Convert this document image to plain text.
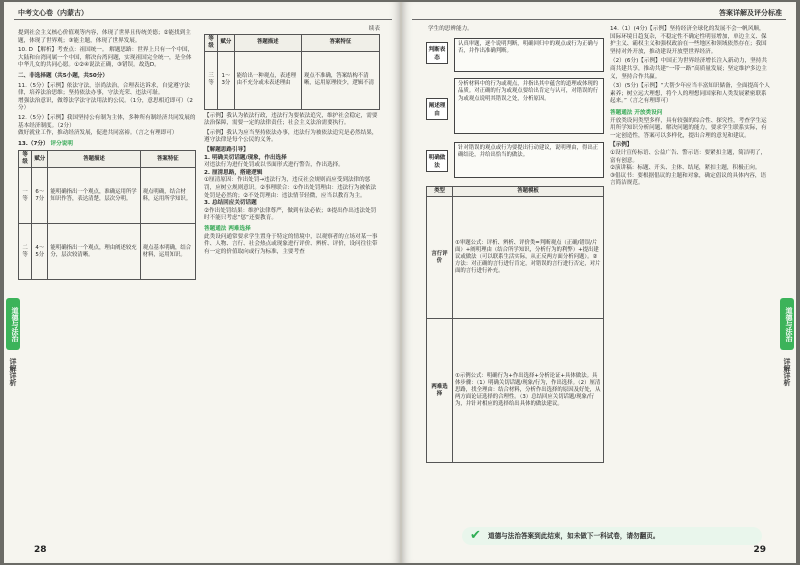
中考文心卷（内蒙古）

提到社会主义核心价值观等内容，体现了世界且传统美德；②能找到主题，体现了世界观；③能主题，体现了世界发展。

10. D 【解析】考查点：祖国统一。 解题思路：世界上只有一个中国，大陆和台湾同属一个中国，解决台湾问题，实现祖国完全统一，是全体中华儿女的共同心愿。①②④说法正确，③错误。故选D。

二、非选择题（共5小题，共50分）

11.（5分）【示例】依法守法，崇尚法治，合理表达诉求，自觉遵守法律，培养法治思维；坚持依法办事，守法光荣、违法可耻。

增强法治意识，做尊法学法守法用法的公民。（1分，意思相近即可）（2分）

12.（5分）【示例】我国坚持公有制为主体，多种所有制经济共同发展的基本经济制度。（2分）

做好就业工作，推动经济发展，促进共同富裕。（言之有理即可）

13.（7分） 评分说明

等级	赋分	答题描述	答案特征
一等	6～7分	能明确指出一个观点，准确运用所学知识作答，表达清楚，层次分明。	观点明确，结合材料，运用所学知识。
二等	4～5分	能明确指出一个观点，理由阐述较充分，层次较清晰。	观点基本明确，结合材料，运用知识。

续表

等级	赋分	答题描述	答案特征
三等	1～3分	能给出一种观点，表述理由不充分或未表述理由	观点不准确，答案结构不清晰，运用原理较少，逻辑不清

【示例】我认为依法行政，违法行为要依法追究，维护社会稳定，需要法治保障，需要一定的法律责任；社会主义法治需要执行。

【示例】我认为应当坚持依法办事，违法行为被依法追究是必然结果，遵守法律是每个公民的义务。

【解题思路引导】

1. 明确关切话题/现象，作出选择

对违法行为进行处罚或以书面形式进行警告，作出选择。

2. 厘清思路，搭建逻辑

①厘清原因：作出处罚→违法行为，违反社会规则而应受到法律的惩罚，应树立规则意识。②事理联合：①作出处罚理由：违法行为被依法处罚是必然的；②不处罚理由：违法情节轻微，应当以教育为主。

3. 总结回应关切话题

②作出处罚结果：维护法律尊严，做到有法必依；③提出作出违法处罚时不能只考虑“惩”还要教育。

答题通法 两难选择

此类设问通常要求学生置身于特定的情境中，以观察者的立场对某一事件、人物、言行、社会热点或现象进行评价、辨析、评价，设问往往带有一定的价值取向或行为标准，主要考查

道德与法治
详解详析
28
答案详解及评分标准

学生的思辨能力。

判断表态
认真审题，逐个说明判断，明确回归中的观点或行为正确与否，并作出准确判断。
阐述理由
分析材料中的行为或观点，并指出其中蕴含的道理或体现的品质。对正确的行为或观点要给出肯定与认可，对错误的行为或观点说明其错误之处，分析原因。
明确做法
针对错误的观点或行为要提出行动建议，说明理由，得出正确结论，并给出恰当的做法。
类型	答题模板
言行评价	①审题公式：评析、辨析、评价类=判断观点（正确/错误/片面）+阐明理由（结合所学知识，分析行为的利弊）+提出建议或做法（可以联系生活实际，从正反两方面分析问题）。②方法：对正确的言行进行肯定，对错误的言行进行否定，对片面的言行进行补充。
两难选择	①示例公式：明确行为+作出选择+分析论证+具体做法。具体步骤：（1）明确关切话题/现象/行为，作出选择。（2）厘清思路，找全理由：结合材料，分析作出选择的原因及好处，从两方面论证选择的合理性。（3）总结回应关切话题/现象/行为，并针对相应的选择给出具体的做法建议。

14.（1）(4分)【示例】坚持经济全球化的发展不会一帆风顺，国际环境日趋复杂，不稳定性不确定性明显增加，单边主义、保护主义、霸权主义和强权政治在一些地区和领域依然存在；我国坚持对外开放，推动建设开放型世界经济。

（2）(6分)【示例】中国正为世界经济增长注入新动力，坚持共商共建共享，推动共建“一带一路”高质量发展；坚定维护多边主义，坚持合作共赢。

（3）(5分)【示例】“大帮少年应当丰富知识储备，全面提高个人素养；树立远大理想，将个人的理想同国家和人类发展紧密联系起来。”（言之有理即可）

答题通法 开放类设问

开放类设问类型多样，具有较强的综合性、探究性，考查学生运用所学知识分析问题、解决问题的能力，要求学生联系实际，有一定创造性，答案可以多样化，提出合理的意见和建议。

【示例】

①设计宣传标语、公益广告、警示语：要紧扣主题，简洁明了，富有创意。

②演讲稿：标题、开头、主体、结尾，紧扣主题，积极正向。

③倡议书：要根据倡议的主题和对象，确定倡议的具体内容，语言简洁规范。

道德与法治
详解详析
✔	道德与法治答案到此结束，如未做下一科试卷，请勿翻页。
29
